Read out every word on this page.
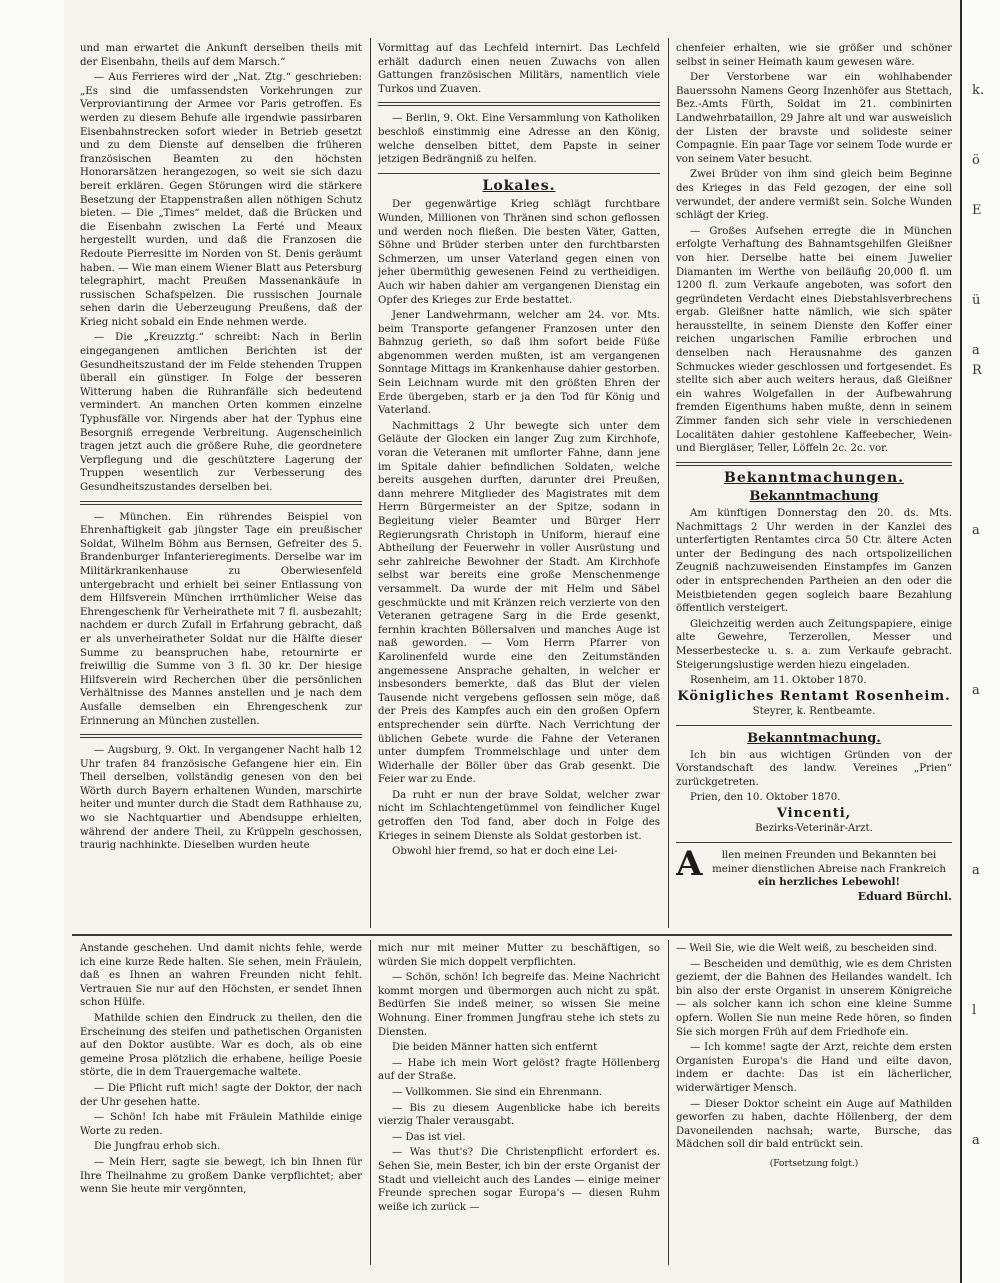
und man erwartet die Ankunft derselben theils mit der Eisenbahn, theils auf dem Marsch.“

— Aus Ferrieres wird der „Nat. Ztg.“ geschrieben: „Es sind die umfassendsten Vorkehrungen zur Verproviantirung der Armee vor Paris getroffen. Es werden zu diesem Behufe alle irgendwie passirbaren Eisenbahnstrecken sofort wieder in Betrieb gesetzt und zu dem Dienste auf denselben die früheren französischen Beamten zu den höchsten Honorarsätzen herangezogen, so weit sie sich dazu bereit erklären. Gegen Störungen wird die stärkere Besetzung der Etappenstraßen allen nöthigen Schutz bieten. — Die „Times“ meldet, daß die Brücken und die Eisenbahn zwischen La Ferté und Meaux hergestellt wurden, und daß die Franzosen die Redoute Pierresitte im Norden von St. Denis geräumt haben. — Wie man einem Wiener Blatt aus Petersburg telegraphirt, macht Preußen Massenankäufe in russischen Schafspelzen. Die russischen Journale sehen darin die Ueberzeugung Preußens, daß der Krieg nicht sobald ein Ende nehmen werde.

— Die „Kreuzztg.“ schreibt: Nach in Berlin eingegangenen amtlichen Berichten ist der Gesundheitszustand der im Felde stehenden Truppen überall ein günstiger. In Folge der besseren Witterung haben die Ruhranfälle sich bedeutend vermindert. An manchen Orten kommen einzelne Typhusfälle vor. Nirgends aber hat der Typhus eine Besorgniß erregende Verbreitung. Augenscheinlich tragen jetzt auch die größere Ruhe, die geordnetere Verpflegung und die geschütztere Lagerung der Truppen wesentlich zur Verbesserung des Gesundheitszustandes derselben bei.

— München. Ein rührendes Beispiel von Ehrenhaftigkeit gab jüngster Tage ein preußischer Soldat, Wilhelm Böhm aus Bernsen, Gefreiter des 5. Brandenburger Infanterieregiments. Derselbe war im Militärkrankenhause zu Oberwiesenfeld untergebracht und erhielt bei seiner Entlassung von dem Hilfsverein München irrthümlicher Weise das Ehrengeschenk für Verheirathete mit 7 fl. ausbezahlt; nachdem er durch Zufall in Erfahrung gebracht, daß er als unverheiratheter Soldat nur die Hälfte dieser Summe zu beanspruchen habe, retournirte er freiwillig die Summe von 3 fl. 30 kr. Der hiesige Hilfsverein wird Recherchen über die persönlichen Verhältnisse des Mannes anstellen und je nach dem Ausfalle demselben ein Ehrengeschenk zur Erinnerung an München zustellen.

— Augsburg, 9. Okt. In vergangener Nacht halb 12 Uhr trafen 84 französische Gefangene hier ein. Ein Theil derselben, vollständig genesen von den bei Wörth durch Bayern erhaltenen Wunden, marschirte heiter und munter durch die Stadt dem Rathhause zu, wo sie Nachtquartier und Abendsuppe erhielten, während der andere Theil, zu Krüppeln geschossen, traurig nachhinkte. Dieselben wurden heute

Vormittag auf das Lechfeld internirt. Das Lechfeld erhält dadurch einen neuen Zuwachs von allen Gattungen französischen Militärs, namentlich viele Turkos und Zuaven.

— Berlin, 9. Okt. Eine Versammlung von Katholiken beschloß einstimmig eine Adresse an den König, welche denselben bittet, dem Papste in seiner jetzigen Bedrängniß zu helfen.

Lokales.

Der gegenwärtige Krieg schlägt furchtbare Wunden, Millionen von Thränen sind schon geflossen und werden noch fließen. Die besten Väter, Gatten, Söhne und Brüder sterben unter den furchtbarsten Schmerzen, um unser Vaterland gegen einen von jeher übermüthig gewesenen Feind zu vertheidigen. Auch wir haben dahier am vergangenen Dienstag ein Opfer des Krieges zur Erde bestattet.

Jener Landwehrmann, welcher am 24. vor. Mts. beim Transporte gefangener Franzosen unter den Bahnzug gerieth, so daß ihm sofort beide Füße abgenommen werden mußten, ist am vergangenen Sonntage Mittags im Krankenhause dahier gestorben. Sein Leichnam wurde mit den größten Ehren der Erde übergeben, starb er ja den Tod für König und Vaterland.

Nachmittags 2 Uhr bewegte sich unter dem Geläute der Glocken ein langer Zug zum Kirchhofe, voran die Veteranen mit umflorter Fahne, dann jene im Spitale dahier befindlichen Soldaten, welche bereits ausgehen durften, darunter drei Preußen, dann mehrere Mitglieder des Magistrates mit dem Herrn Bürgermeister an der Spitze, sodann in Begleitung vieler Beamter und Bürger Herr Regierungsrath Christoph in Uniform, hierauf eine Abtheilung der Feuerwehr in voller Ausrüstung und sehr zahlreiche Bewohner der Stadt. Am Kirchhofe selbst war bereits eine große Menschenmenge versammelt. Da wurde der mit Helm und Säbel geschmückte und mit Kränzen reich verzierte von den Veteranen getragene Sarg in die Erde gesenkt, fernhin krachten Böllersalven und manches Auge ist naß geworden. — Vom Herrn Pfarrer von Karolinenfeld wurde eine den Zeitumständen angemessene Ansprache gehalten, in welcher er insbesonders bemerkte, daß das Blut der vielen Tausende nicht vergebens geflossen sein möge, daß der Preis des Kampfes auch ein den großen Opfern entsprechender sein dürfte. Nach Verrichtung der üblichen Gebete wurde die Fahne der Veteranen unter dumpfem Trommelschlage und unter dem Widerhalle der Böller über das Grab gesenkt. Die Feier war zu Ende.

Da ruht er nun der brave Soldat, welcher zwar nicht im Schlachtengetümmel von feindlicher Kugel getroffen den Tod fand, aber doch in Folge des Krieges in seinem Dienste als Soldat gestorben ist.

Obwohl hier fremd, so hat er doch eine Lei-

chenfeier erhalten, wie sie größer und schöner selbst in seiner Heimath kaum gewesen wäre.

Der Verstorbene war ein wohlhabender Bauerssohn Namens Georg Inzenhöfer aus Stettach, Bez.-Amts Fürth, Soldat im 21. combinirten Landwehrbataillon, 29 Jahre alt und war ausweislich der Listen der bravste und solideste seiner Compagnie. Ein paar Tage vor seinem Tode wurde er von seinem Vater besucht.

Zwei Brüder von ihm sind gleich beim Beginne des Krieges in das Feld gezogen, der eine soll verwundet, der andere vermißt sein. Solche Wunden schlägt der Krieg.

— Großes Aufsehen erregte die in München erfolgte Verhaftung des Bahnamtsgehilfen Gleißner von hier. Derselbe hatte bei einem Juwelier Diamanten im Werthe von beiläufig 20,000 fl. um 1200 fl. zum Verkaufe angeboten, was sofort den gegründeten Verdacht eines Diebstahlsverbrechens ergab. Gleißner hatte nämlich, wie sich später herausstellte, in seinem Dienste den Koffer einer reichen ungarischen Familie erbrochen und denselben nach Herausnahme des ganzen Schmuckes wieder geschlossen und fortgesendet. Es stellte sich aber auch weiters heraus, daß Gleißner ein wahres Wolgefallen in der Aufbewahrung fremden Eigenthums haben mußte, denn in seinem Zimmer fanden sich sehr viele in verschiedenen Localitäten dahier gestohlene Kaffeebecher, Wein- und Biergläser, Teller, Löffeln 2c. 2c. vor.

Bekanntmachungen.
Bekanntmachung

Am künftigen Donnerstag den 20. ds. Mts. Nachmittags 2 Uhr werden in der Kanzlei des unterfertigten Rentamtes circa 50 Ctr. ältere Acten unter der Bedingung des nach ortspolizeilichen Zeugniß nachzuweisenden Einstampfes im Ganzen oder in entsprechenden Partheien an den oder die Meistbietenden gegen sogleich baare Bezahlung öffentlich versteigert.

Gleichzeitig werden auch Zeitungspapiere, einige alte Gewehre, Terzerollen, Messer und Messerbestecke u. s. a. zum Verkaufe gebracht. Steigerungslustige werden hiezu eingeladen.

Rosenheim, am 11. Oktober 1870.
Königliches Rentamt Rosenheim.
Steyrer, k. Rentbeamte.
Bekanntmachung.

Ich bin aus wichtigen Gründen von der Vorstandschaft des landw. Vereines „Prien“ zurückgetreten.

Prien, den 10. Oktober 1870.
Vincenti,
Bezirks-Veterinär-Arzt.
A	llen meinen Freunden und Bekannten bei
meiner dienstlichen Abreise nach Frankreich
ein herzliches Lebewohl!
Eduard Bürchl.

Anstande geschehen. Und damit nichts fehle, werde ich eine kurze Rede halten. Sie sehen, mein Fräulein, daß es Ihnen an wahren Freunden nicht fehlt. Vertrauen Sie nur auf den Höchsten, er sendet Ihnen schon Hülfe.

Mathilde schien den Eindruck zu theilen, den die Erscheinung des steifen und pathetischen Organisten auf den Doktor ausübte. War es doch, als ob eine gemeine Prosa plötzlich die erhabene, heilige Poesie störte, die in dem Trauergemache waltete.

— Die Pflicht ruft mich! sagte der Doktor, der nach der Uhr gesehen hatte.

— Schön! Ich habe mit Fräulein Mathilde einige Worte zu reden.

Die Jungfrau erhob sich.

— Mein Herr, sagte sie bewegt, ich bin Ihnen für Ihre Theilnahme zu großem Danke verpflichtet; aber wenn Sie heute mir vergönnten,

mich nur mit meiner Mutter zu beschäftigen, so würden Sie mich doppelt verpflichten.

— Schön, schön! Ich begreife das. Meine Nachricht kommt morgen und übermorgen auch nicht zu spät. Bedürfen Sie indeß meiner, so wissen Sie meine Wohnung. Einer frommen Jungfrau stehe ich stets zu Diensten.

Die beiden Männer hatten sich entfernt

— Habe ich mein Wort gelöst? fragte Höllenberg auf der Straße.

— Vollkommen. Sie sind ein Ehrenmann.

— Bis zu diesem Augenblicke habe ich bereits vierzig Thaler verausgabt.

— Das ist viel.

— Was thut's? Die Christenpflicht erfordert es. Sehen Sie, mein Bester, ich bin der erste Organist der Stadt und vielleicht auch des Landes — einige meiner Freunde sprechen sogar Europa's — diesen Ruhm weiße ich zurück —

— Weil Sie, wie die Welt weiß, zu bescheiden sind.

— Bescheiden und demüthig, wie es dem Christen geziemt, der die Bahnen des Heilandes wandelt. Ich bin also der erste Organist in unserem Königreiche — als solcher kann ich schon eine kleine Summe opfern. Wollen Sie nun meine Rede hören, so finden Sie sich morgen Früh auf dem Friedhofe ein.

— Ich komme! sagte der Arzt, reichte dem ersten Organisten Europa's die Hand und eilte davon, indem er dachte: Das ist ein lächerlicher, widerwärtiger Mensch.

— Dieser Doktor scheint ein Auge auf Mathilden geworfen zu haben, dachte Höllenberg, der dem Davoneilenden nachsah; warte, Bursche, das Mädchen soll dir bald entrückt sein.

(Fortsetzung folgt.)
k.
ö
E
ü
a
R
a
a
a
l
a
